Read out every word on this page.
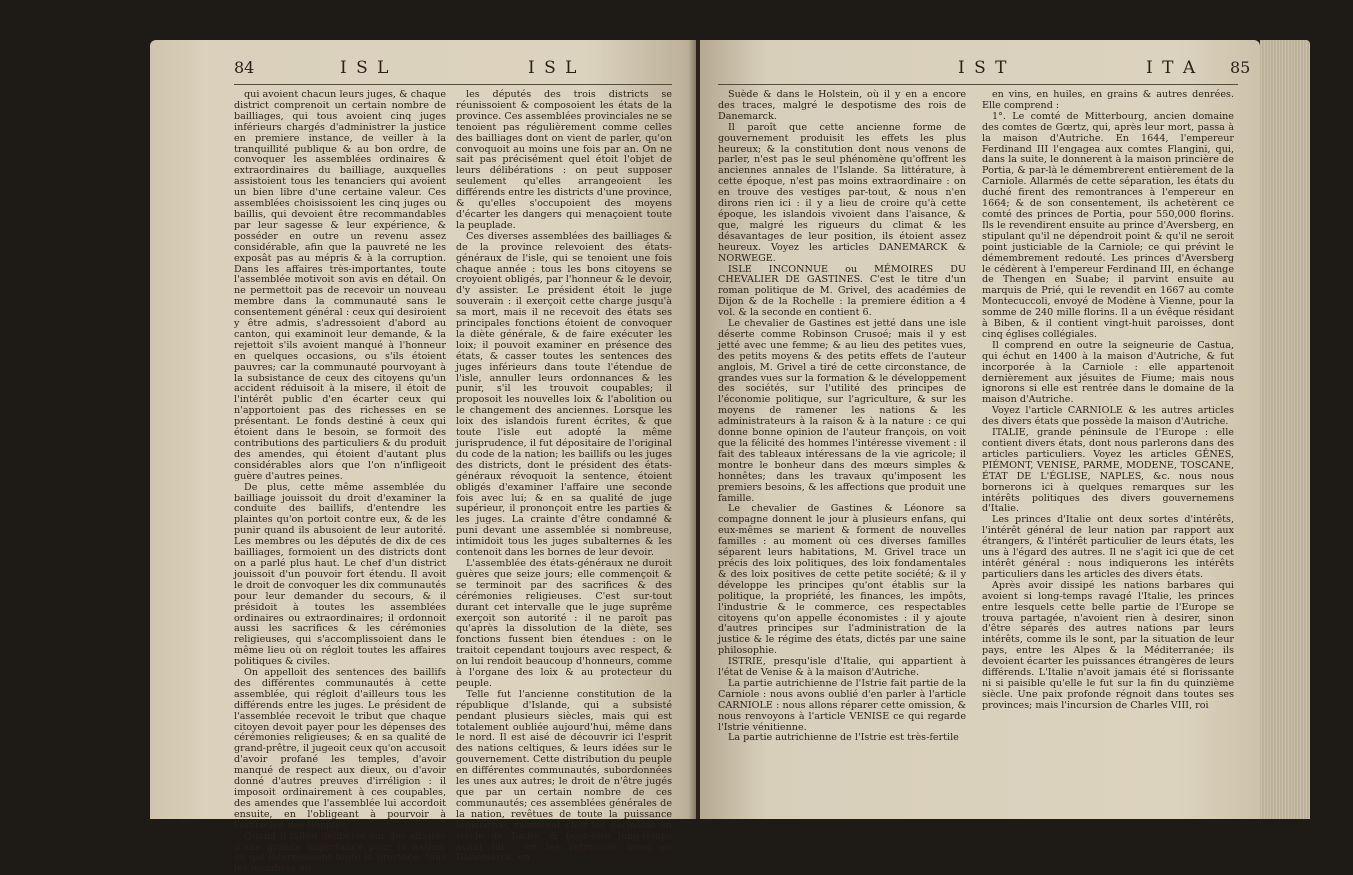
84	I S L	I S L

qui avoient chacun leurs juges, & chaque district comprenoit un certain nombre de bailliages, qui tous avoient cinq juges inférieurs chargés d'administrer la justice en premiere instance, de veiller à la tranquillité publique & au bon ordre, de convoquer les assemblées ordinaires & extraordinaires du bailliage, auxquelles assistoient tous les tenanciers qui avoient un bien libre d'une certaine valeur. Ces assemblées choisissoient les cinq juges ou baillis, qui devoient être recommandables par leur sagesse & leur expérience, & posséder en outre un revenu assez considérable, afin que la pauvreté ne les exposât pas au mépris & à la corruption. Dans les affaires très-importantes, toute l'assemblée motivoit son avis en détail. On ne permettoit pas de recevoir un nouveau membre dans la communauté sans le consentement général : ceux qui desiroient y être admis, s'adressoient d'abord au canton, qui examinoit leur demande, & la rejettoit s'ils avoient manqué à l'honneur en quelques occasions, ou s'ils étoient pauvres; car la communauté pourvoyant à la subsistance de ceux des citoyens qu'un accident réduisoit à la misere, il étoit de l'intérêt public d'en écarter ceux qui n'apportoient pas des richesses en se présentant. Le fonds destiné à ceux qui étoient dans le besoin, se formoit des contributions des particuliers & du produit des amendes, qui étoient d'autant plus considérables alors que l'on n'infligeoit guère d'autres peines.

De plus, cette même assemblée du bailliage jouissoit du droit d'examiner la conduite des baillifs, d'entendre les plaintes qu'on portoit contre eux, & de les punir quand ils abusoient de leur autorité. Les membres ou les députés de dix de ces bailliages, formoient un des districts dont on a parlé plus haut. Le chef d'un district jouissoit d'un pouvoir fort étendu. Il avoit le droit de convoquer les dix communautés pour leur demander du secours, & il présidoit à toutes les assemblées ordinaires ou extraordinaires; il ordonnoit aussi les sacrifices & les cérémonies religieuses, qui s'accomplissoient dans le même lieu où on régloit toutes les affaires politiques & civiles.

On appelloit des sentences des baillifs des différentes communautés à cette assemblée, qui régloit d'ailleurs tous les différends entre les juges. Le président de l'assemblée recevoit le tribut que chaque citoyen devoit payer pour les dépenses des cérémonies religieuses; & en sa qualité de grand-prêtre, il jugeoit ceux qu'on accusoit d'avoir profané les temples, d'avoir manqué de respect aux dieux, ou d'avoir donné d'autres preuves d'irréligion : il imposoit ordinairement à ces coupables, des amendes que l'assemblée lui accordoit ensuite, en l'obligeant à pourvoir à l'entretien des temples.

Quand il falloit délibérer sur des affaires d'une grande importance pour la nation, ou qui intéressoient toute la province, tous les membres ou

les députés des trois districts se réunissoient & composoient les états de la province. Ces assemblées provinciales ne se tenoient pas régulièrement comme celles des bailliages dont on vient de parler, qu'on convoquoit au moins une fois par an. On ne sait pas précisément quel étoit l'objet de leurs délibérations : on peut supposer seulement qu'elles arrangeoient les différends entre les districts d'une province, & qu'elles s'occupoient des moyens d'écarter les dangers qui menaçoient toute la peuplade.

Ces diverses assemblées des bailliages & de la province relevoient des états-généraux de l'isle, qui se tenoient une fois chaque année : tous les bons citoyens se croyoient obligés, par l'honneur & le devoir, d'y assister. Le président étoit le juge souverain : il exerçoit cette charge jusqu'à sa mort, mais il ne recevoit des états ses principales fonctions étoient de convoquer la diète générale, & de faire exécuter les loix; il pouvoit examiner en présence des états, & casser toutes les sentences des juges inférieurs dans toute l'étendue de l'isle, annuller leurs ordonnances & les punir, s'il les trouvoit coupables; il proposoit les nouvelles loix & l'abolition ou le changement des anciennes. Lorsque les loix des islandois furent écrites, & que toute l'isle eut adopté la même jurisprudence, il fut dépositaire de l'original du code de la nation; les baillifs ou les juges des districts, dont le président des états-généraux révoquoit la sentence, étoient obligés d'examiner l'affaire une seconde fois avec lui; & en sa qualité de juge supérieur, il prononçoit entre les parties & les juges. La crainte d'être condamné & puni devant une assemblée si nombreuse, intimidoit tous les juges subalternes & les contenoit dans les bornes de leur devoir.

L'assemblée des états-généraux ne duroit guères que seize jours; elle commençoit & se terminoit par des sacrifices & des cérémonies religieuses. C'est sur-tout durant cet intervalle que le juge suprême exerçoit son autorité : il ne paroît pas qu'après la dissolution de la diète, ses fonctions fussent bien étendues : on le traitoit cependant toujours avec respect, & on lui rendoit beaucoup d'honneurs, comme à l'organe des loix & au protecteur du peuple.

Telle fut l'ancienne constitution de la république d'Islande, qui a subsisté pendant plusieurs siècles, mais qui est totalement oubliée aujourd'hui, même dans le nord. Il est aisé de découvrir ici l'esprit des nations celtiques, & leurs idées sur le gouvernement. Cette distribution du peuple en différentes communautés, subordonnées les unes aux autres; le droit de n'être jugés que par un certain nombre de ces communautés; ces assemblées générales de la nation, revêtues de toute la puissance législative, existoient chez les germains au siècle de Tacite, & peut-être long-temps avant lui : on les retrouvoit aussi en Danemarck, en

I S T	I T A 85

Suède & dans le Holstein, où il y en a encore des traces, malgré le despotisme des rois de Danemarck.

Il paroît que cette ancienne forme de gouvernement produisit les effets les plus heureux; & la constitution dont nous venons de parler, n'est pas le seul phénomène qu'offrent les anciennes annales de l'Islande. Sa littérature, à cette époque, n'est pas moins extraordinaire : on en trouve des vestiges par-tout, & nous n'en dirons rien ici : il y a lieu de croire qu'à cette époque, les islandois vivoient dans l'aisance, & que, malgré les rigueurs du climat & les désavantages de leur position, ils étoient assez heureux. Voyez les articles DANEMARCK & NORWEGE.

ISLE INCONNUE ou MÉMOIRES DU CHEVALIER DE GASTINES. C'est le titre d'un roman politique de M. Grivel, des académies de Dijon & de la Rochelle : la premiere édition a 4 vol. & la seconde en contient 6.

Le chevalier de Gastines est jetté dans une isle déserte comme Robinson Crusoé; mais il y est jetté avec une femme; & au lieu des petites vues, des petits moyens & des petits effets de l'auteur anglois, M. Grivel a tiré de cette circonstance, de grandes vues sur la formation & le développement des sociétés, sur l'utilité des principes de l'économie politique, sur l'agriculture, & sur les moyens de ramener les nations & les administrateurs à la raison & à la nature : ce qui donne bonne opinion de l'auteur françois, on voit que la félicité des hommes l'intéresse vivement : il fait des tableaux intéressans de la vie agricole; il montre le bonheur dans des mœurs simples & honnêtes; dans les travaux qu'imposent les premiers besoins, & les affections que produit une famille.

Le chevalier de Gastines & Léonore sa compagne donnent le jour à plusieurs enfans, qui eux-mêmes se marient & forment de nouvelles familles : au moment où ces diverses familles séparent leurs habitations, M. Grivel trace un précis des loix politiques, des loix fondamentales & des loix positives de cette petite société; & il y développe les principes qu'ont établis sur la politique, la propriété, les finances, les impôts, l'industrie & le commerce, ces respectables citoyens qu'on appelle économistes : il y ajoute d'autres principes sur l'administration de la justice & le régime des états, dictés par une saine philosophie.

ISTRIE, presqu'isle d'Italie, qui appartient à l'état de Venise & à la maison d'Autriche.

La partie autrichienne de l'Istrie fait partie de la Carniole : nous avons oublié d'en parler à l'article CARNIOLE : nous allons réparer cette omission, & nous renvoyons à l'article VENISE ce qui regarde l'Istrie vénitienne.

La partie autrichienne de l'Istrie est très-fertile

en vins, en huiles, en grains & autres denrées. Elle comprend :

1°. Le comté de Mitterbourg, ancien domaine des comtes de Gœrtz, qui, après leur mort, passa à la maison d'Autriche. En 1644, l'empereur Ferdinand III l'engagea aux comtes Flangini, qui, dans la suite, le donnerent à la maison princière de Portia, & par-là le démembrerent entièrement de la Carniole. Allarmés de cette séparation, les états du duché firent des remontrances à l'empereur en 1664; & de son consentement, ils achetèrent ce comté des princes de Portia, pour 550,000 florins. Ils le revendirent ensuite au prince d'Aversberg, en stipulant qu'il ne dépendroit point & qu'il ne seroit point justiciable de la Carniole; ce qui prévint le démembrement redouté. Les princes d'Aversberg le cédèrent à l'empereur Ferdinand III, en échange de Thengen en Suabe; il parvint ensuite au marquis de Prié, qui le revendit en 1667 au comte Montecuccoli, envoyé de Modène à Vienne, pour la somme de 240 mille florins. Il a un évêque résidant à Biben, & il contient vingt-huit paroisses, dont cinq églises collégiales.

Il comprend en outre la seigneurie de Castua, qui échut en 1400 à la maison d'Autriche, & fut incorporée à la Carniole : elle appartenoit dernièrement aux jésuites de Fiume; mais nous ignorons si elle est rentrée dans le domaine de la maison d'Autriche.

Voyez l'article CARNIOLE & les autres articles des divers états que possède la maison d'Autriche.

ITALIE, grande péninsule de l'Europe : elle contient divers états, dont nous parlerons dans des articles particuliers. Voyez les articles GÊNES, PIÉMONT, VENISE, PARME, MODENE, TOSCANE, ÉTAT DE L'ÉGLISE, NAPLES, &c. nous nous bornerons ici à quelques remarques sur les intérêts politiques des divers gouvernemens d'Italie.

Les princes d'Italie ont deux sortes d'intérêts, l'intérêt général de leur nation par rapport aux étrangers, & l'intérêt particulier de leurs états, les uns à l'égard des autres. Il ne s'agit ici que de cet intérêt général : nous indiquerons les intérêts particuliers dans les articles des divers états.

Après avoir dissipé les nations barbares qui avoient si long-temps ravagé l'Italie, les princes entre lesquels cette belle partie de l'Europe se trouva partagée, n'avoient rien à desirer, sinon d'être séparés des autres nations par leurs intérêts, comme ils le sont, par la situation de leur pays, entre les Alpes & la Méditerranée; ils devoient écarter les puissances étrangères de leurs différends. L'Italie n'avoit jamais été si florissante ni si paisible qu'elle le fut sur la fin du quinzième siècle. Une paix profonde régnoit dans toutes ses provinces; mais l'incursion de Charles VIII, roi
